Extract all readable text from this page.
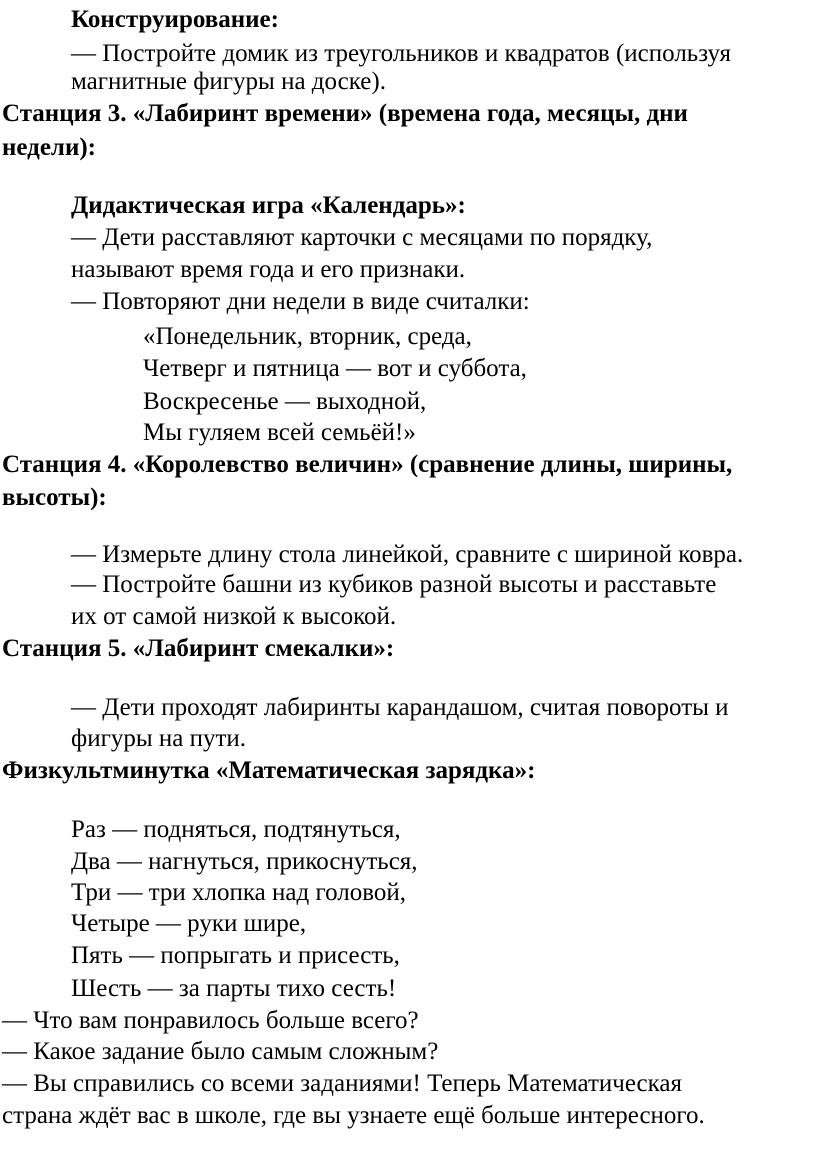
Конструирование:

— Постройте домик из треугольников и квадратов (используя

магнитные фигуры на доске).

Станция 3. «Лабиринт времени» (времена года, месяцы, дни

недели):

Дидактическая игра «Календарь»:

— Дети расставляют карточки с месяцами по порядку,

называют время года и его признаки.

— Повторяют дни недели в виде считалки:

«Понедельник, вторник, среда,

Четверг и пятница — вот и суббота,

Воскресенье — выходной,

Мы гуляем всей семьёй!»

Станция 4. «Королевство величин» (сравнение длины, ширины,

высоты):

— Измерьте длину стола линейкой, сравните с шириной ковра.

— Постройте башни из кубиков разной высоты и расставьте

их от самой низкой к высокой.

Станция 5. «Лабиринт смекалки»:

— Дети проходят лабиринты карандашом, считая повороты и

фигуры на пути.

Физкультминутка «Математическая зарядка»:

Раз — подняться, подтянуться,

Два — нагнуться, прикоснуться,

Три — три хлопка над головой,

Четыре — руки шире,

Пять — попрыгать и присесть,

Шесть — за парты тихо сесть!

— Что вам понравилось больше всего?

— Какое задание было самым сложным?

— Вы справились со всеми заданиями! Теперь Математическая

страна ждёт вас в школе, где вы узнаете ещё больше интересного.
